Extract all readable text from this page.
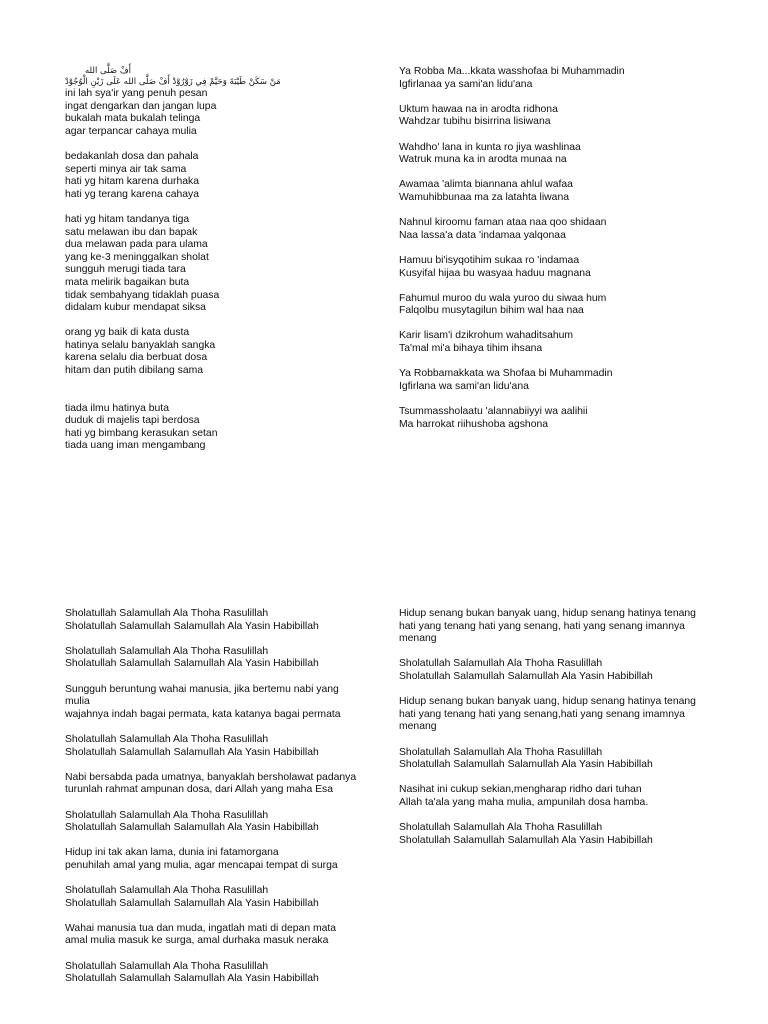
أَفْ صَلَّى الله
مَنْ سَكَنْ طَيْبَةَ وَحَيَّمْ فِي زَوْرُوْدْ أَفْ صَلَّى الله عَلَى زَيْنِ الْوُجُوْدْ
ini lah sya'ir yang penuh pesan
ingat dengarkan dan jangan lupa
bukalah mata bukalah telinga
agar terpancar cahaya mulia
bedakanlah dosa dan pahala
seperti minya air tak sama
hati yg hitam karena durhaka
hati yg terang karena cahaya
hati yg hitam tandanya tiga
satu melawan ibu dan bapak
dua melawan pada para ulama
yang ke-3 meninggalkan sholat
sungguh merugi tiada tara
mata melirik bagaikan buta
tidak sembahyang tidaklah puasa
didalam kubur mendapat siksa
orang yg baik di kata dusta
hatinya selalu banyaklah sangka
karena selalu dia berbuat dosa
hitam dan putih dibilang sama
tiada ilmu hatinya buta
duduk di majelis tapi berdosa
hati yg bimbang kerasukan setan
tiada uang iman mengambang
Ya Robba Ma...kkata wasshofaa bi Muhammadin
Igfirlanaa ya sami'an lidu'ana
Uktum hawaa na in arodta ridhona
Wahdzar tubihu bisirrina lisiwana
Wahdho' lana in kunta ro jiya washlinaa
Watruk muna ka in arodta munaa na
Awamaa 'alimta biannana ahlul wafaa
Wamuhibbunaa ma za latahta liwana
Nahnul kiroomu faman ataa naa qoo shidaan
Naa lassa'a data 'indamaa yalqonaa
Hamuu bi'isyqotihim sukaa ro 'indamaa
Kusyifal hijaa bu wasyaa haduu magnana
Fahumul muroo du wala yuroo du siwaa hum
Falqolbu musytagilun bihim wal haa naa
Karir lisam'i dzikrohum wahaditsahum
Ta'mal mi'a bihaya tihim ihsana
Ya Robbamakkata wa Shofaa bi Muhammadin
Igfirlana wa sami'an lidu'ana
Tsummassholaatu 'alannabiiyyi wa aalihii
Ma harrokat riihushoba agshona
Sholatullah Salamullah Ala Thoha Rasulillah
Sholatullah Salamullah Salamullah Ala Yasin Habibillah
Sholatullah Salamullah Ala Thoha Rasulillah
Sholatullah Salamullah Salamullah Ala Yasin Habibillah
Sungguh beruntung wahai manusia, jika bertemu nabi yang mulia
wajahnya indah bagai permata, kata katanya bagai permata
Sholatullah Salamullah Ala Thoha Rasulillah
Sholatullah Salamullah Salamullah Ala Yasin Habibillah
Nabi bersabda pada umatnya, banyaklah bersholawat padanya
turunlah rahmat ampunan dosa, dari Allah yang maha Esa
Sholatullah Salamullah Ala Thoha Rasulillah
Sholatullah Salamullah Salamullah Ala Yasin Habibillah
Hidup ini tak akan lama, dunia ini fatamorgana
penuhilah amal yang mulia, agar mencapai tempat di surga
Sholatullah Salamullah Ala Thoha Rasulillah
Sholatullah Salamullah Salamullah Ala Yasin Habibillah
Wahai manusia tua dan muda, ingatlah mati di depan mata
amal mulia masuk ke surga, amal durhaka masuk neraka
Sholatullah Salamullah Ala Thoha Rasulillah
Sholatullah Salamullah Salamullah Ala Yasin Habibillah
Hidup senang bukan banyak uang, hidup senang hatinya tenang
hati yang tenang hati yang senang, hati yang senang imannya menang
Sholatullah Salamullah Ala Thoha Rasulillah
Sholatullah Salamullah Salamullah Ala Yasin Habibillah
Hidup senang bukan banyak uang, hidup senang hatinya tenang
hati yang tenang hati yang senang,hati yang senang imamnya menang
Sholatullah Salamullah Ala Thoha Rasulillah
Sholatullah Salamullah Salamullah Ala Yasin Habibillah
Nasihat ini cukup sekian,mengharap ridho dari tuhan
Allah ta'ala yang maha mulia, ampunilah dosa hamba.
Sholatullah Salamullah Ala Thoha Rasulillah
Sholatullah Salamullah Salamullah Ala Yasin Habibillah
